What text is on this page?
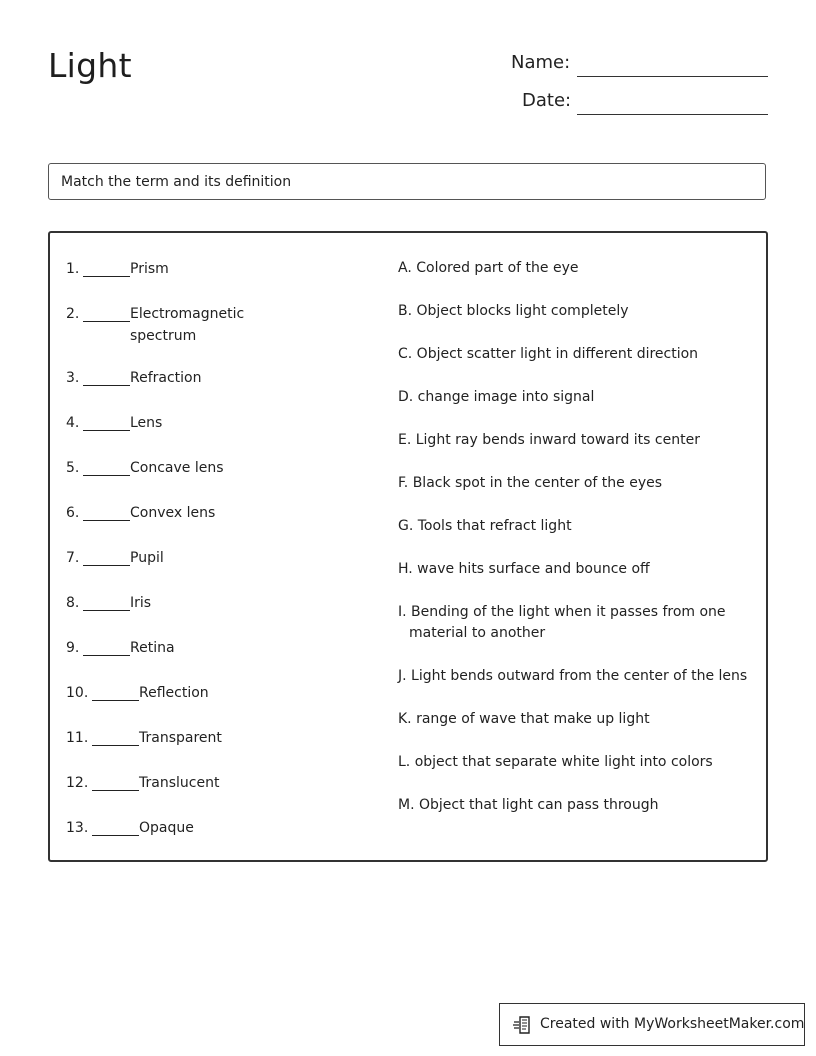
Light	Name:
Date:
Match the term and its definition
1.	Prism
2.	Electromagnetic
spectrum
3.	Refraction
4.	Lens
5.	Concave lens
6.	Convex lens
7.	Pupil
8.	Iris
9.	Retina
10.	Reflection
11.	Transparent
12.	Translucent
13.	Opaque
A. Colored part of the eye
B. Object blocks light completely
C. Object scatter light in different direction
D. change image into signal
E. Light ray bends inward toward its center
F. Black spot in the center of the eyes
G. Tools that refract light
H. wave hits surface and bounce off
I. Bending of the light when it passes from one
material to another
J. Light bends outward from the center of the lens
K. range of wave that make up light
L. object that separate white light into colors
M. Object that light can pass through
Created with MyWorksheetMaker.com
